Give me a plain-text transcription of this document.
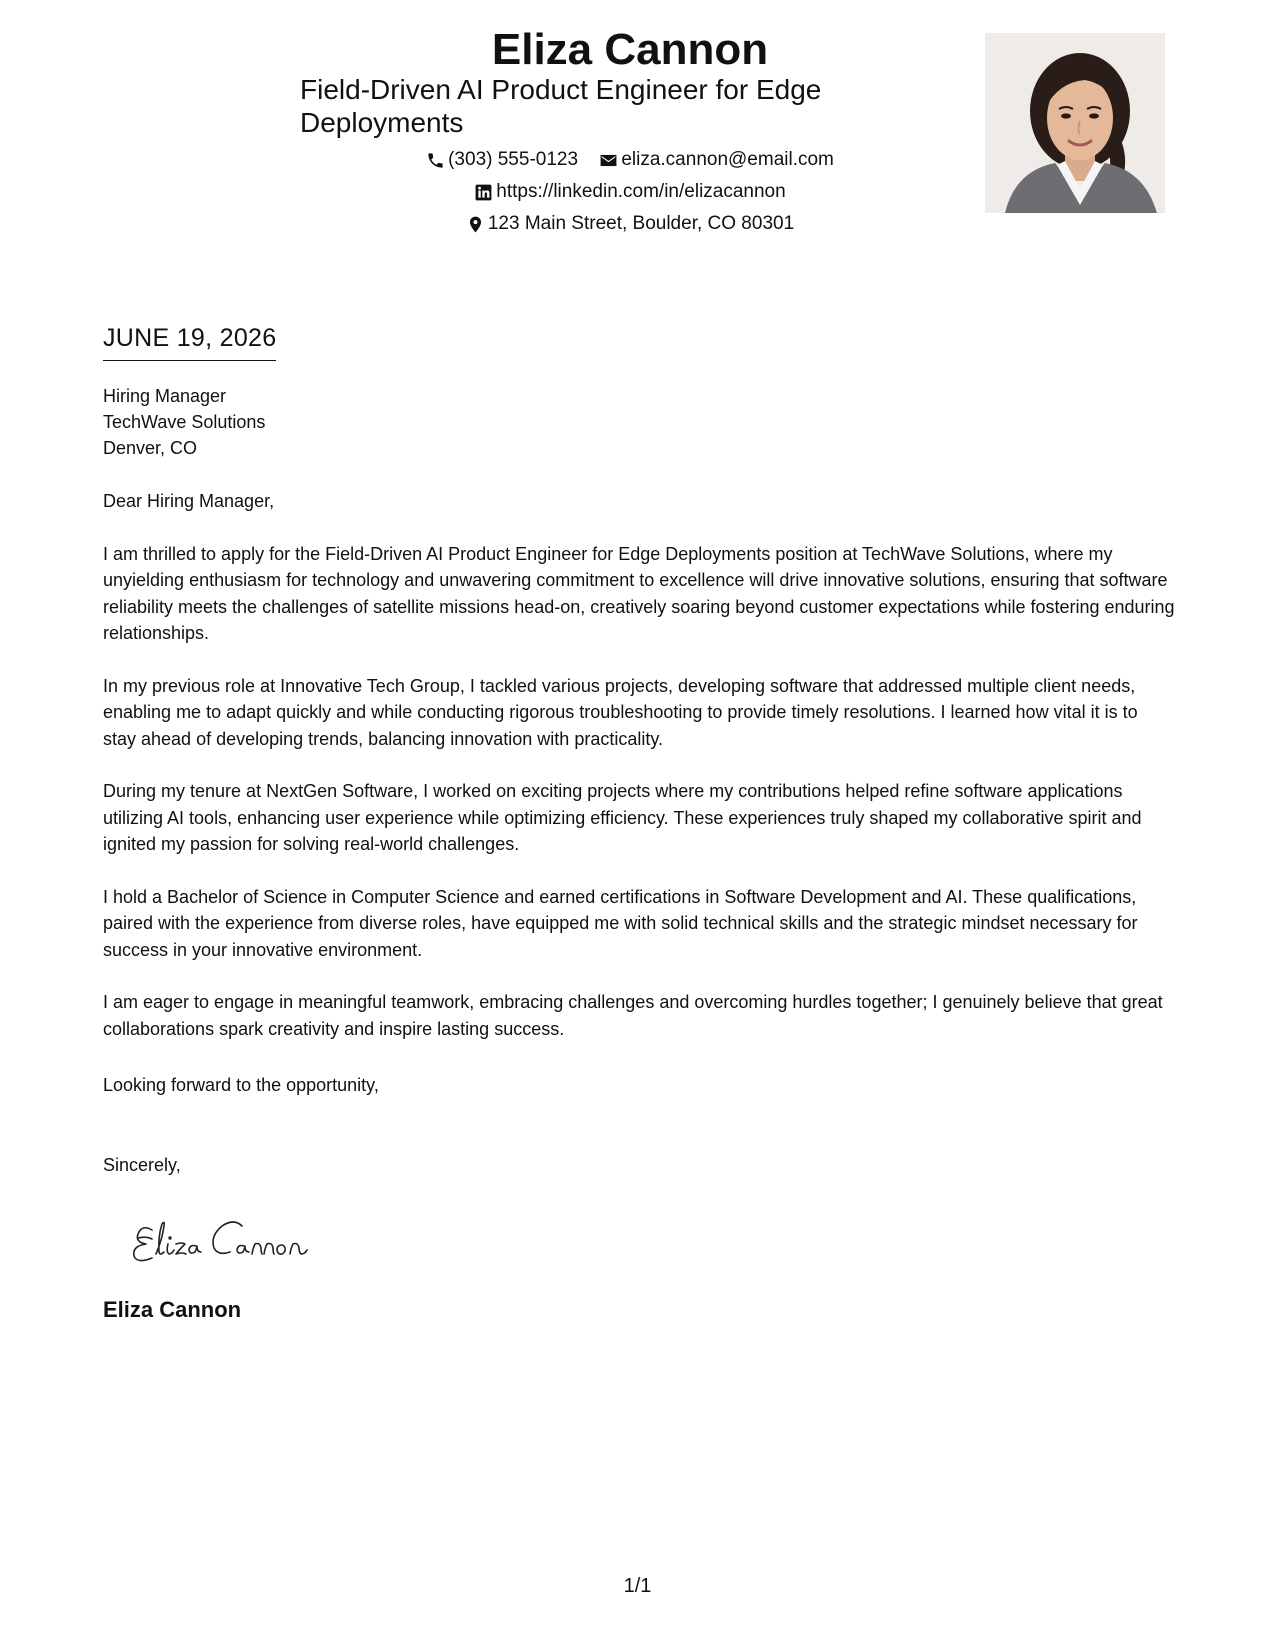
Eliza Cannon
Field-Driven AI Product Engineer for Edge Deployments
(303) 555-0123
eliza.cannon@email.com
https://linkedin.com/in/elizacannon
123 Main Street, Boulder, CO 80301
JUNE 19, 2026
Hiring Manager
TechWave Solutions
Denver, CO

Dear Hiring Manager,

I am thrilled to apply for the Field-Driven AI Product Engineer for Edge Deployments position at TechWave Solutions, where my unyielding enthusiasm for technology and unwavering commitment to excellence will drive innovative solutions, ensuring that software reliability meets the challenges of satellite missions head-on, creatively soaring beyond customer expectations while fostering enduring relationships.

In my previous role at Innovative Tech Group, I tackled various projects, developing software that addressed multiple client needs, enabling me to adapt quickly and while conducting rigorous troubleshooting to provide timely resolutions. I learned how vital it is to stay ahead of developing trends, balancing innovation with practicality.

During my tenure at NextGen Software, I worked on exciting projects where my contributions helped refine software applications utilizing AI tools, enhancing user experience while optimizing efficiency. These experiences truly shaped my collaborative spirit and ignited my passion for solving real-world challenges.

I hold a Bachelor of Science in Computer Science and earned certifications in Software Development and AI. These qualifications, paired with the experience from diverse roles, have equipped me with solid technical skills and the strategic mindset necessary for success in your innovative environment.

I am eager to engage in meaningful teamwork, embracing challenges and overcoming hurdles together; I genuinely believe that great collaborations spark creativity and inspire lasting success.

Looking forward to the opportunity,
Sincerely,
Eliza Cannon
1/1
